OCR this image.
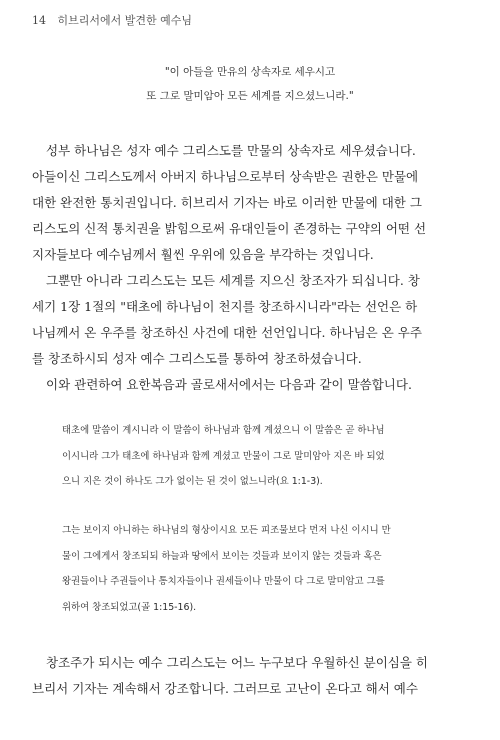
14 히브리서에서 발견한 예수님
"이 아들을 만유의 상속자로 세우시고
또 그로 말미암아 모든 세계를 지으셨느니라."
성부 하나님은 성자 예수 그리스도를 만물의 상속자로 세우셨습니다.
아들이신 그리스도께서 아버지 하나님으로부터 상속받은 권한은 만물에
대한 완전한 통치권입니다. 히브리서 기자는 바로 이러한 만물에 대한 그
리스도의 신적 통치권을 밝힘으로써 유대인들이 존경하는 구약의 어떤 선
지자들보다 예수님께서 훨씬 우위에 있음을 부각하는 것입니다.
그뿐만 아니라 그리스도는 모든 세계를 지으신 창조자가 되십니다. 창
세기 1장 1절의 "태초에 하나님이 천지를 창조하시니라"라는 선언은 하
나님께서 온 우주를 창조하신 사건에 대한 선언입니다. 하나님은 온 우주
를 창조하시되 성자 예수 그리스도를 통하여 창조하셨습니다.
이와 관련하여 요한복음과 골로새서에서는 다음과 같이 말씀합니다.
태초에 말씀이 계시니라 이 말씀이 하나님과 함께 계셨으니 이 말씀은 곧 하나님
이시니라 그가 태초에 하나님과 함께 계셨고 만물이 그로 말미암아 지은 바 되었
으니 지은 것이 하나도 그가 없이는 된 것이 없느니라(요 1:1-3).
그는 보이지 아니하는 하나님의 형상이시요 모든 피조물보다 먼저 나신 이시니 만
물이 그에게서 창조되되 하늘과 땅에서 보이는 것들과 보이지 않는 것들과 혹은
왕권들이나 주권들이나 통치자들이나 권세들이나 만물이 다 그로 말미암고 그를
위하여 창조되었고(골 1:15-16).
창조주가 되시는 예수 그리스도는 어느 누구보다 우월하신 분이심을 히
브리서 기자는 계속해서 강조합니다. 그러므로 고난이 온다고 해서 예수
